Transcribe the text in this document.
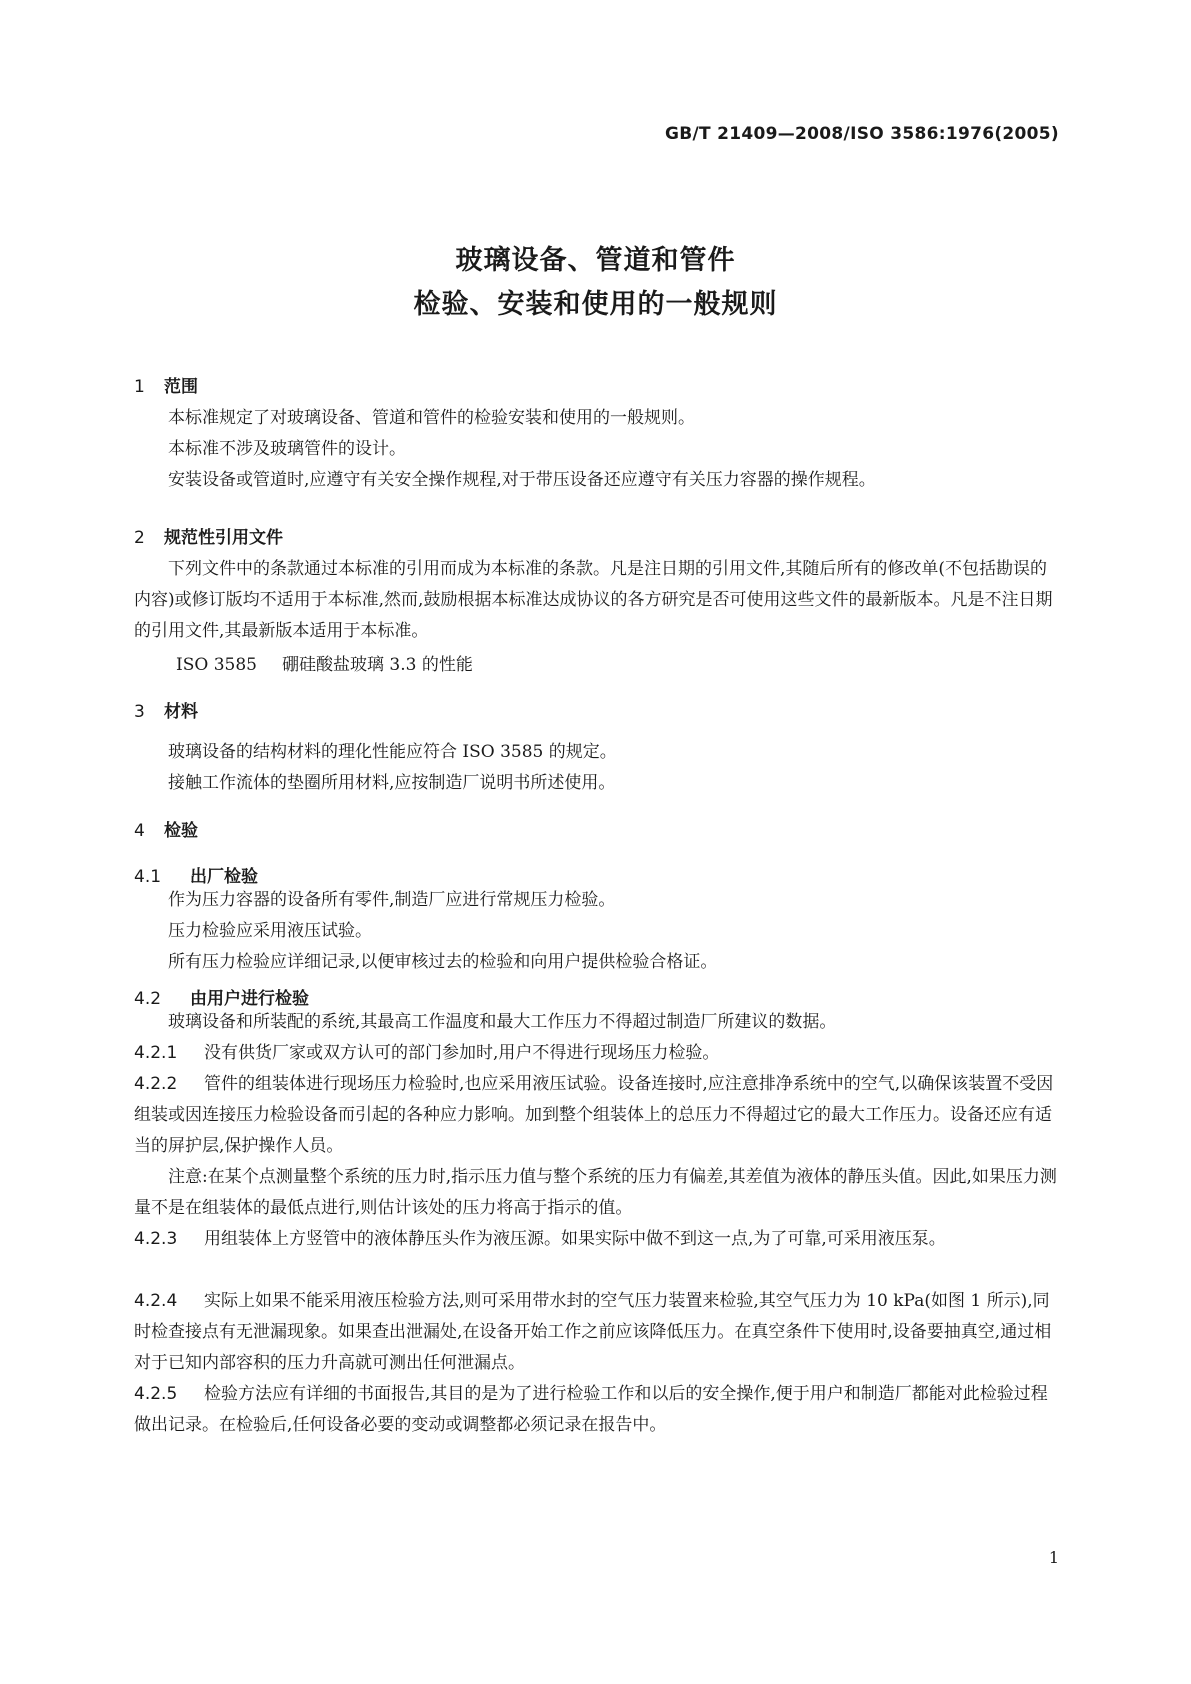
GB/T 21409—2008/ISO 3586:1976(2005)
玻璃设备、管道和管件
检验、安装和使用的一般规则
1 范围
本标准规定了对玻璃设备、管道和管件的检验安装和使用的一般规则。
本标准不涉及玻璃管件的设计。
安装设备或管道时,应遵守有关安全操作规程,对于带压设备还应遵守有关压力容器的操作规程。
2 规范性引用文件
下列文件中的条款通过本标准的引用而成为本标准的条款。凡是注日期的引用文件,其随后所有的修改单(不包括勘误的内容)或修订版均不适用于本标准,然而,鼓励根据本标准达成协议的各方研究是否可使用这些文件的最新版本。凡是不注日期的引用文件,其最新版本适用于本标准。
ISO 3585 硼硅酸盐玻璃 3.3 的性能
3 材料
玻璃设备的结构材料的理化性能应符合 ISO 3585 的规定。
接触工作流体的垫圈所用材料,应按制造厂说明书所述使用。
4 检验
4.1 出厂检验
作为压力容器的设备所有零件,制造厂应进行常规压力检验。
压力检验应采用液压试验。
所有压力检验应详细记录,以便审核过去的检验和向用户提供检验合格证。
4.2 由用户进行检验
玻璃设备和所装配的系统,其最高工作温度和最大工作压力不得超过制造厂所建议的数据。
4.2.1 没有供货厂家或双方认可的部门参加时,用户不得进行现场压力检验。
4.2.2 管件的组装体进行现场压力检验时,也应采用液压试验。设备连接时,应注意排净系统中的空气,以确保该装置不受因组装或因连接压力检验设备而引起的各种应力影响。加到整个组装体上的总压力不得超过它的最大工作压力。设备还应有适当的屏护层,保护操作人员。
注意:在某个点测量整个系统的压力时,指示压力值与整个系统的压力有偏差,其差值为液体的静压头值。因此,如果压力测量不是在组装体的最低点进行,则估计该处的压力将高于指示的值。
4.2.3 用组装体上方竖管中的液体静压头作为液压源。如果实际中做不到这一点,为了可靠,可采用液压泵。
4.2.4 实际上如果不能采用液压检验方法,则可采用带水封的空气压力装置来检验,其空气压力为 10 kPa(如图 1 所示),同时检查接点有无泄漏现象。如果查出泄漏处,在设备开始工作之前应该降低压力。在真空条件下使用时,设备要抽真空,通过相对于已知内部容积的压力升高就可测出任何泄漏点。
4.2.5 检验方法应有详细的书面报告,其目的是为了进行检验工作和以后的安全操作,便于用户和制造厂都能对此检验过程做出记录。在检验后,任何设备必要的变动或调整都必须记录在报告中。
1
